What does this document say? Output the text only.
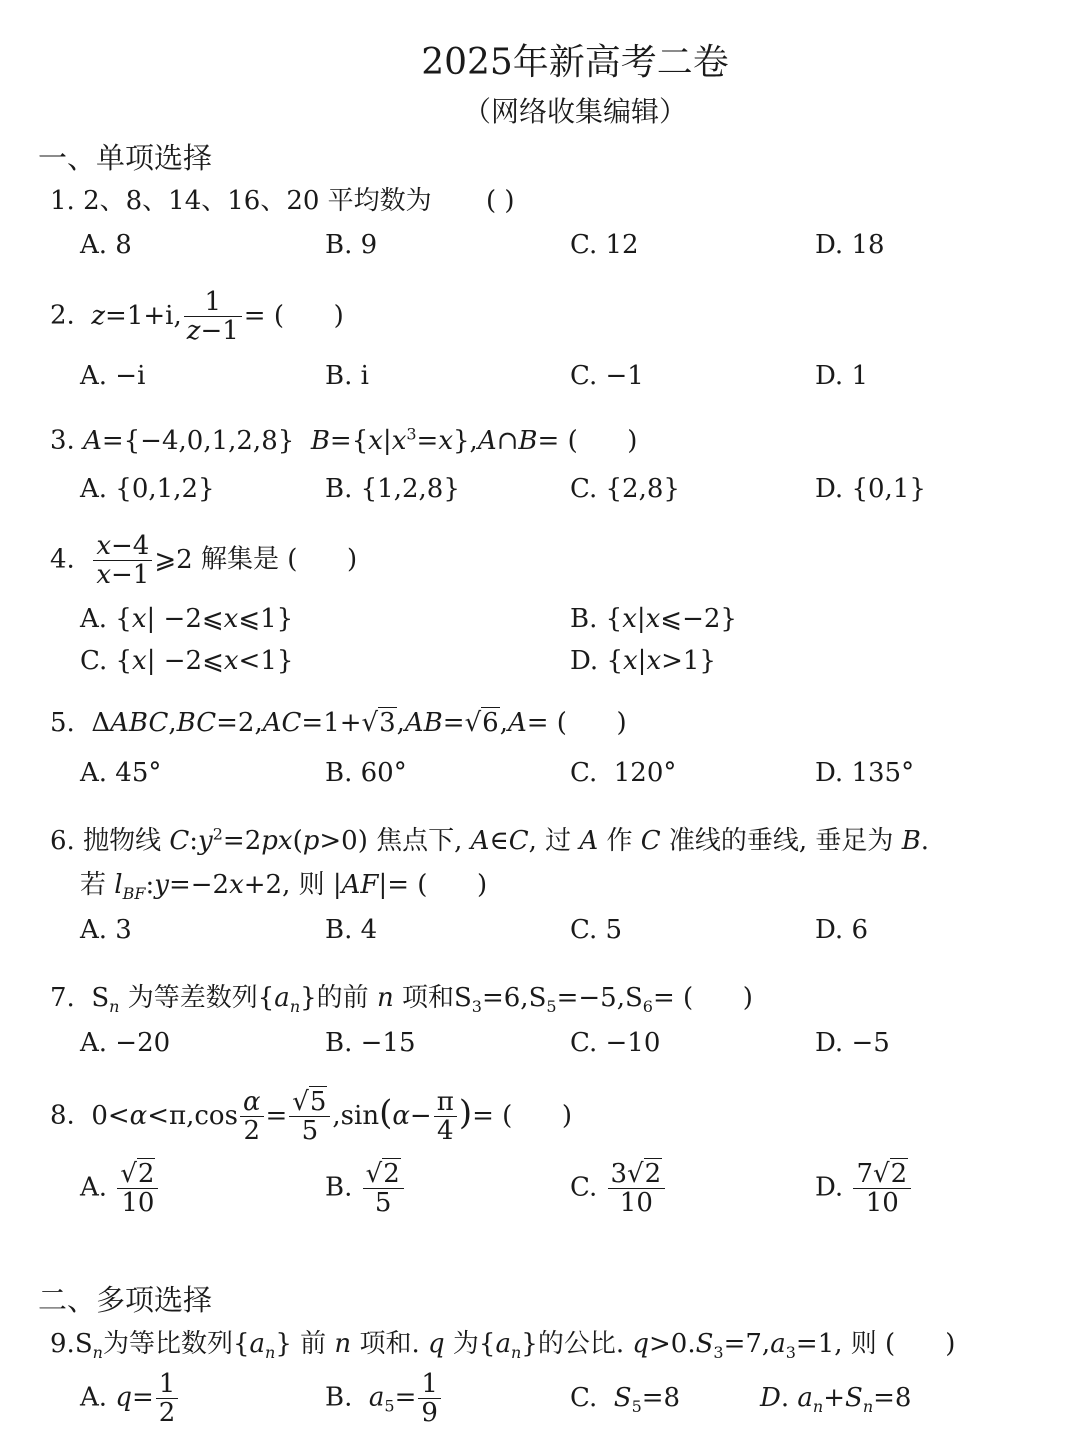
2025年新高考二卷
（网络收集编辑）
一、单项选择
1. 2、8、14、16、20 平均数为 ( )
A. 8	B. 9	C. 12	D. 18
2. z=1+i, $\frac{1}{z-1}$ = (      )
A. −i	B. i	C. −1	D. 1
3. A={−4,0,1,2,8}  $B=\{x|x^3=x\},A\cap B=$ (      )
A. {0,1,2}	B. {1,2,8}	C. {2,8}	D. {0,1}
4. $\frac{x-4}{x-1}$ ⩾2 解集是 (      )
A. {x| −2⩽x⩽1}	B. {x|x⩽−2}
C. {x| −2⩽x<1}	D. {x|x>1}
5.  ΔABC,BC=2,AC=1+√3,AB=√6,A= (      )
A. 45°	B. 60°	C.  120°	D. 135°
6. 抛物线 $C:y^2=2px(p>0)$ 焦点下, A∈C, 过 A 作 C 准线的垂线, 垂足为 B.
若 $l_{BF}:y=-2x+2$, 则 |AF|= (      )
A. 3	B. 4	C. 5	D. 6
7.  $S_n$ 为等差数列$\{a_n\}$的前 n 项和$S_3=6,S_5=-5,S_6=$ (      )
A. −20	B. −15	C. −10	D. −5
8.  $0<\alpha<\pi,\cos \frac{\alpha}{2} = \frac{√5}{5} ,\sin(\alpha- \frac{\pi}{4}$ )= (      )
A. $\frac{√2}{10}$	B. $\frac{√2}{5}$	C. $\frac{3√2}{10}$	D. $\frac{7√2}{10}$
二、多项选择
$9.S_n$为等比数列$\{a_n\}$ 前 n 项和. q 为$\{a_n\}$的公比. $q>0.S_3=7,a_3=1$, 则 ( )
A. $q= \frac{1}{2}$	B.  $a_5= \frac{1}{9}$	C.  $S_5=8$	D. $a_n+S_n=8$
